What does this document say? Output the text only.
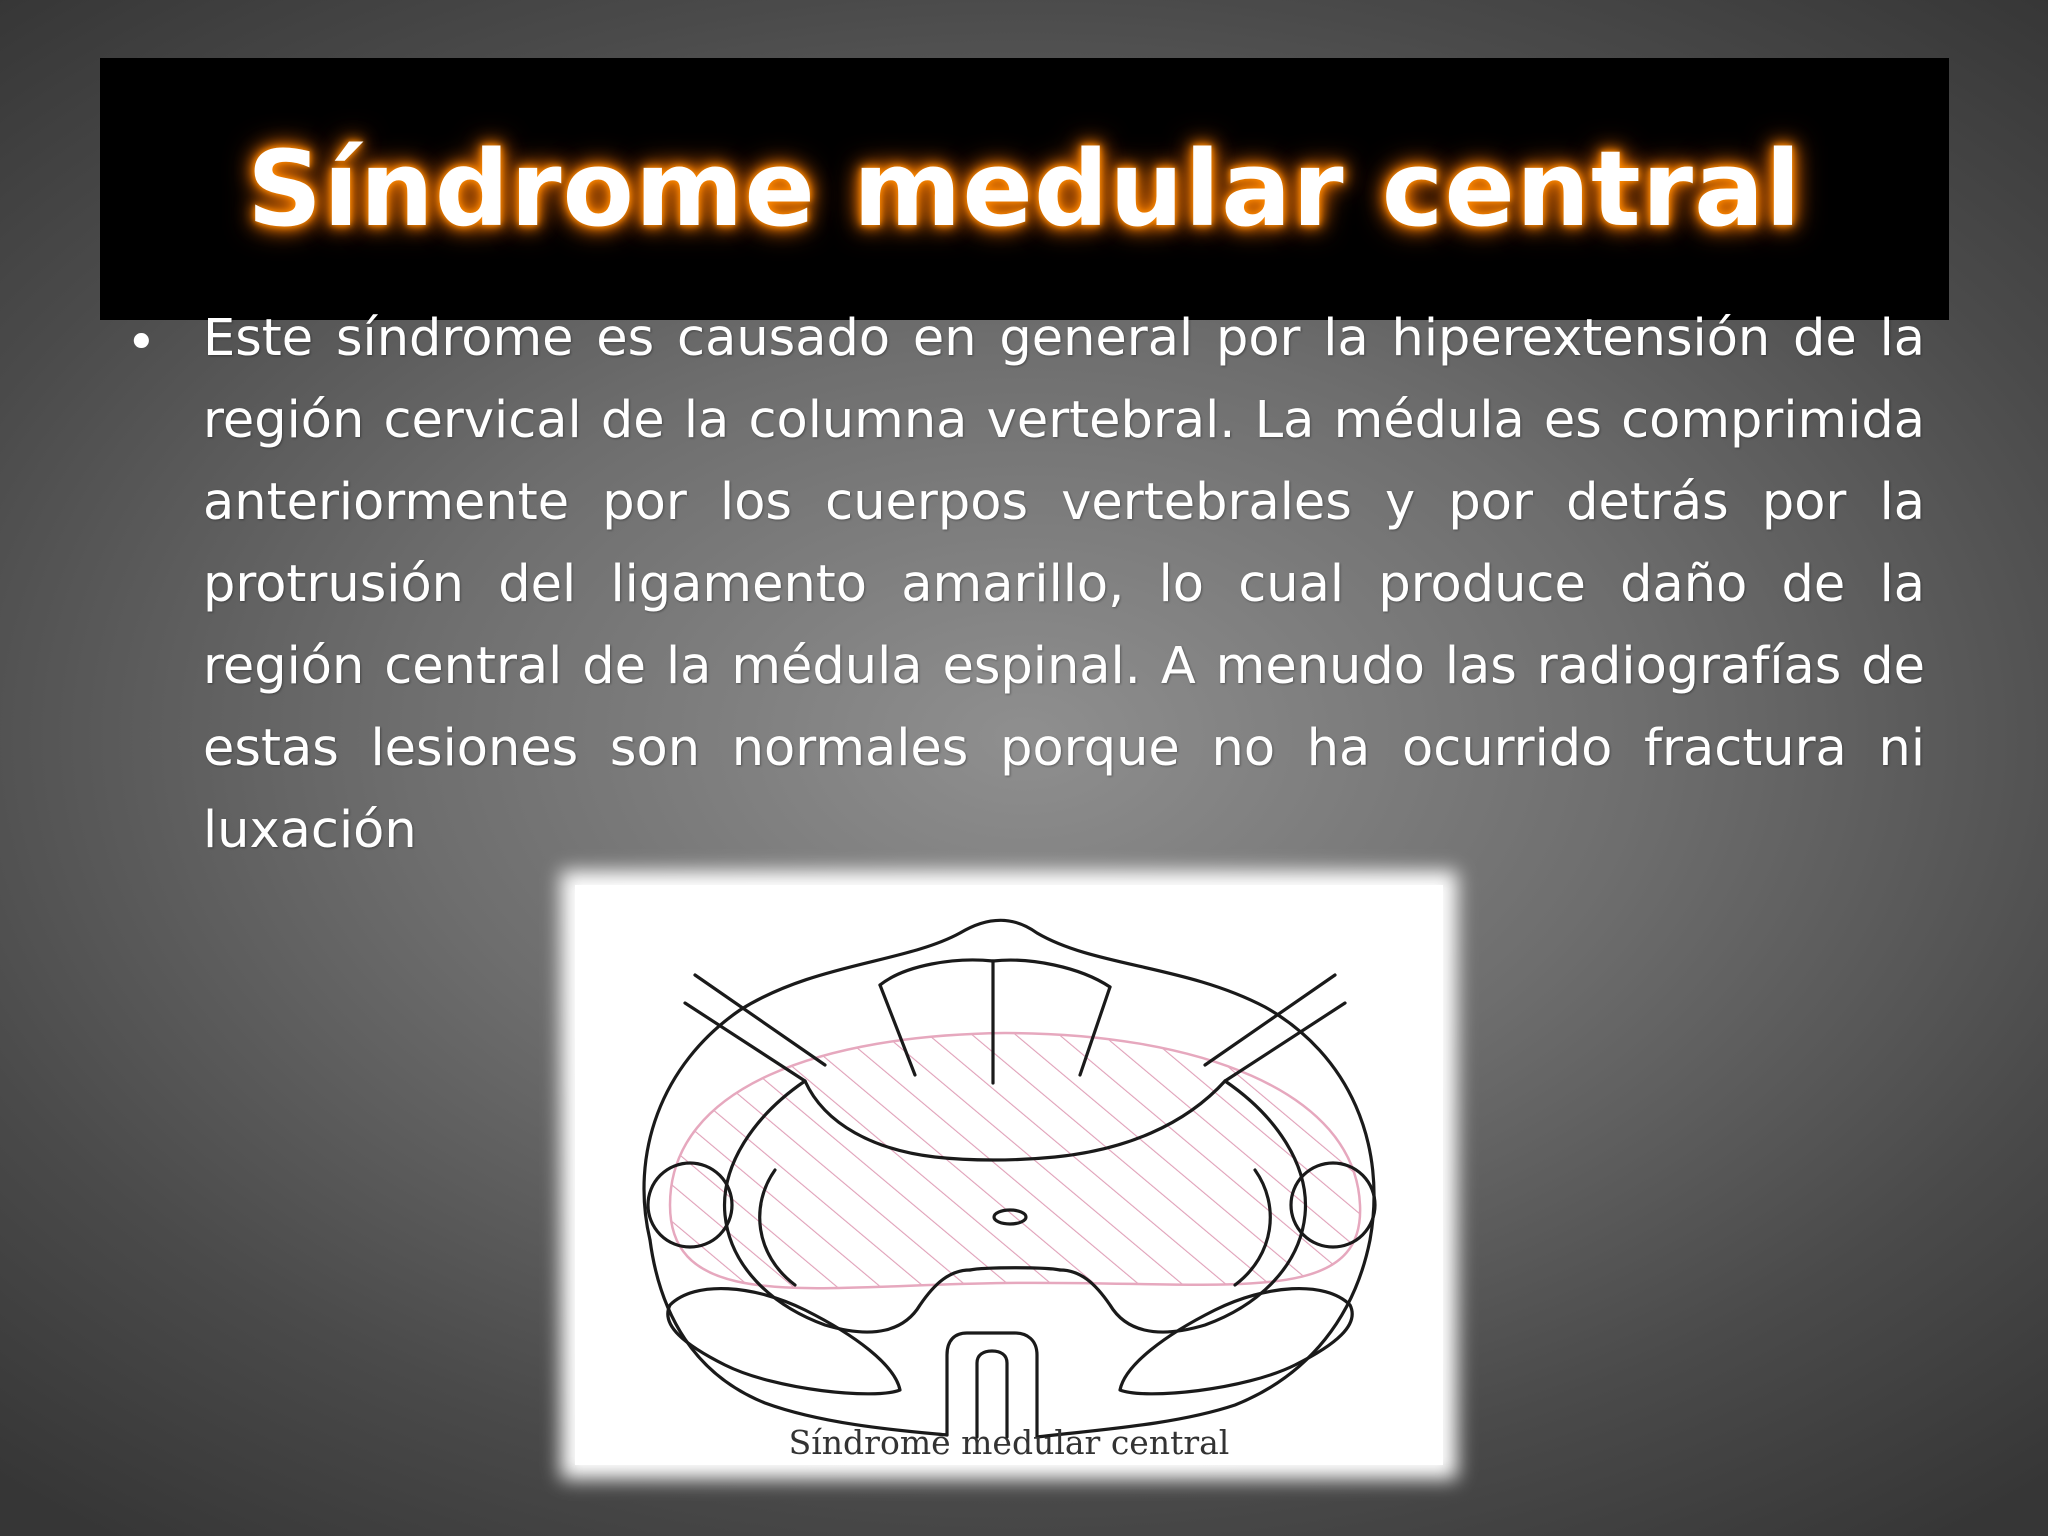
Síndrome medular central
• Este síndrome es causado en general por la hiperextensión de la región cervical de la columna vertebral. La médula es comprimida anteriormente por los cuerpos vertebrales y por detrás por la protrusión del ligamento amarillo, lo cual produce daño de la región central de la médula espinal. A menudo las radiografías de estas lesiones son normales porque no ha ocurrido fractura ni luxación

Síndrome medular central
